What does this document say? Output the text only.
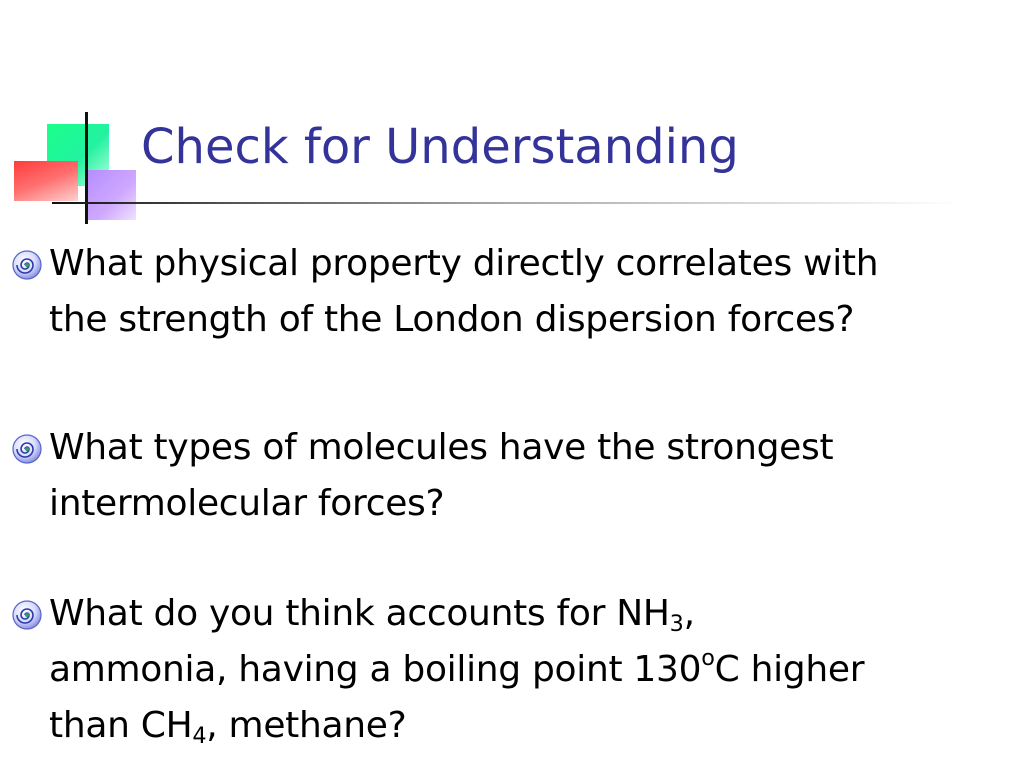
Check for Understanding
What physical property directly correlates with
the strength of the London dispersion forces?
What types of molecules have the strongest
intermolecular forces?
What do you think accounts for $NH_3$,
ammonia, having a boiling point 130$^o$C higher
than $CH_4$, methane?
